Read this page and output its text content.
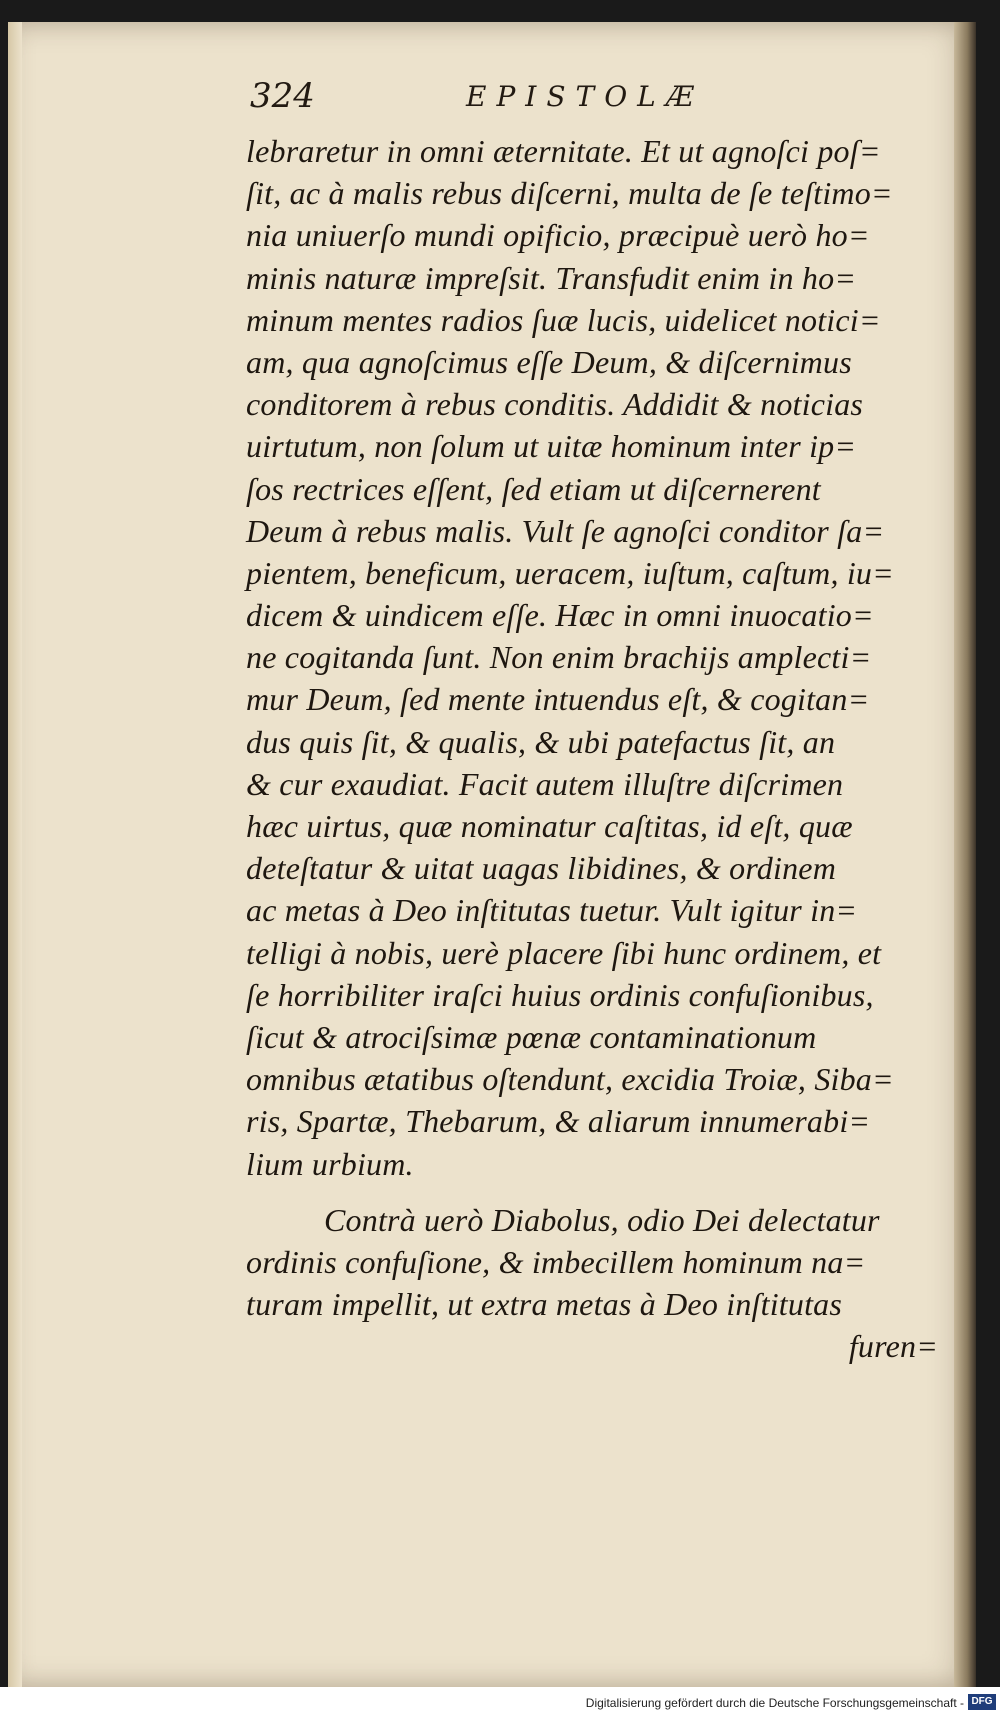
324	EPISTOLÆ
lebraretur in omni æternitate. Et ut agnoſci poſ=
ſit, ac à malis rebus diſcerni, multa de ſe teſtimo=
nia uniuerſo mundi opificio, præcipuè uerò ho=
minis naturæ impreſsit. Transfudit enim in ho=
minum mentes radios ſuæ lucis, uidelicet notici=
am, qua agnoſcimus eſſe Deum, & diſcernimus
conditorem à rebus conditis. Addidit & noticias
uirtutum, non ſolum ut uitæ hominum inter ip=
ſos rectrices eſſent, ſed etiam ut diſcernerent
Deum à rebus malis. Vult ſe agnoſci conditor ſa=
pientem, beneficum, ueracem, iuſtum, caſtum, iu=
dicem & uindicem eſſe. Hæc in omni inuocatio=
ne cogitanda ſunt. Non enim brachijs amplecti=
mur Deum, ſed mente intuendus eſt, & cogitan=
dus quis ſit, & qualis, & ubi patefactus ſit, an
& cur exaudiat. Facit autem illuſtre diſcrimen
hæc uirtus, quæ nominatur caſtitas, id eſt, quæ
deteſtatur & uitat uagas libidines, & ordinem
ac metas à Deo inſtitutas tuetur. Vult igitur in=
telligi à nobis, uerè placere ſibi hunc ordinem, et
ſe horribiliter iraſci huius ordinis confuſionibus,
ſicut & atrociſsimæ pœnæ contaminationum
omnibus ætatibus oſtendunt, excidia Troiæ, Siba=
ris, Spartæ, Thebarum, & aliarum innumerabi=
lium urbium.
Contrà uerò Diabolus, odio Dei delectatur
ordinis confuſione, & imbecillem hominum na=
turam impellit, ut extra metas à Deo inſtitutas
furen=
Digitalisierung gefördert durch die Deutsche Forschungsgemeinschaft - DFG
